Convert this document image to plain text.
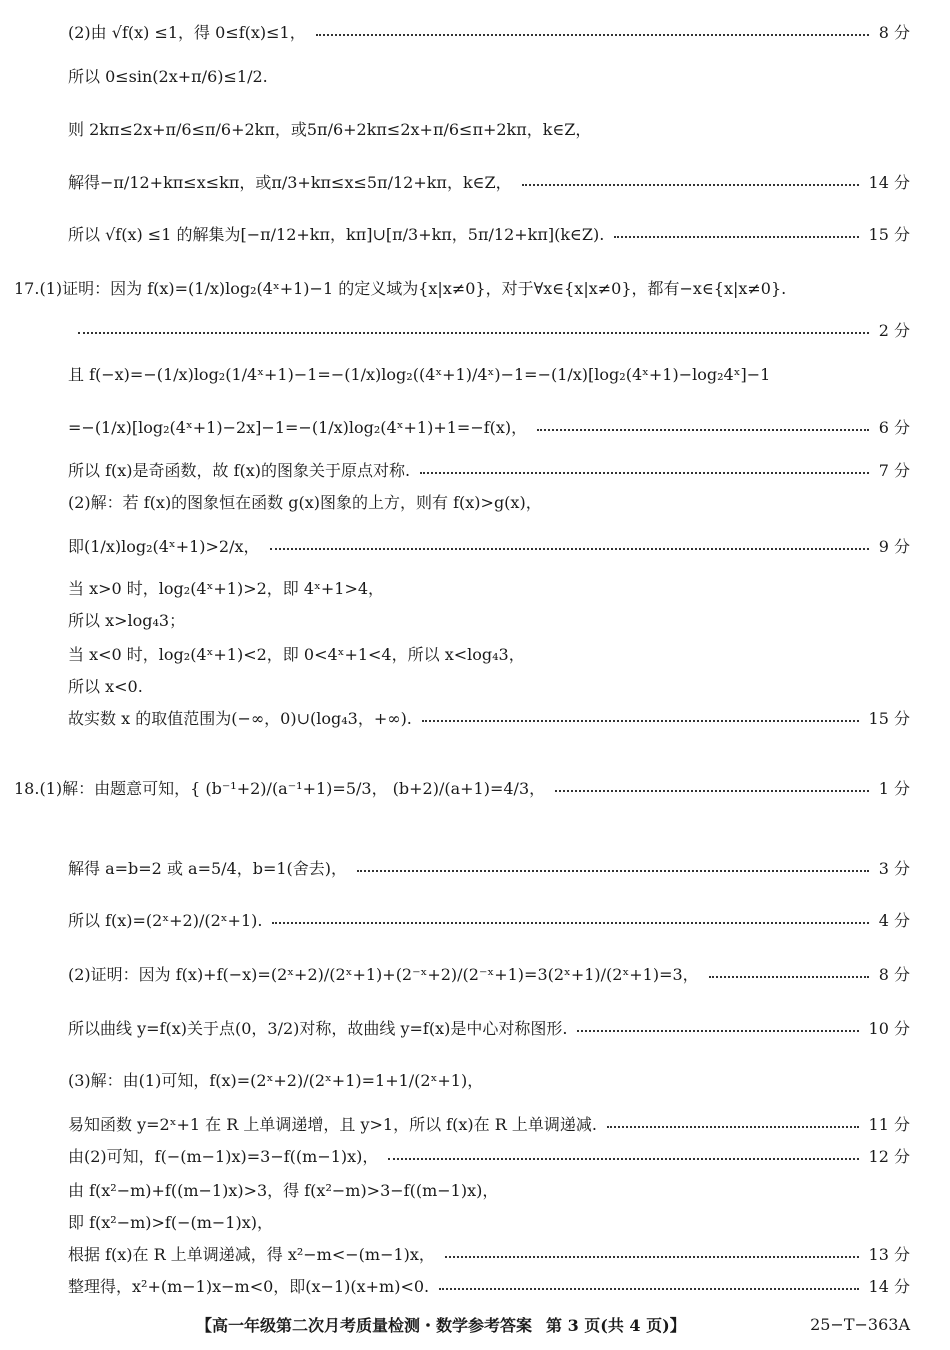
(2)由 √f(x) ≤1，得 0≤f(x)≤1，	8 分
所以 0≤sin(2x+π/6)≤1/2.
则 2kπ≤2x+π/6≤π/6+2kπ，或5π/6+2kπ≤2x+π/6≤π+2kπ，k∈Z，
解得−π/12+kπ≤x≤kπ，或π/3+kπ≤x≤5π/12+kπ，k∈Z，	14 分
所以 √f(x) ≤1 的解集为[−π/12+kπ，kπ]∪[π/3+kπ，5π/12+kπ](k∈Z).	15 分
17.(1)证明：因为 f(x)=(1/x)log₂(4ˣ+1)−1 的定义域为{x|x≠0}，对于∀x∈{x|x≠0}，都有−x∈{x|x≠0}.
2 分
且 f(−x)=−(1/x)log₂(1/4ˣ+1)−1=−(1/x)log₂((4ˣ+1)/4ˣ)−1=−(1/x)[log₂(4ˣ+1)−log₂4ˣ]−1
=−(1/x)[log₂(4ˣ+1)−2x]−1=−(1/x)log₂(4ˣ+1)+1=−f(x)，	6 分
所以 f(x)是奇函数，故 f(x)的图象关于原点对称.	7 分
(2)解：若 f(x)的图象恒在函数 g(x)图象的上方，则有 f(x)>g(x)，
即(1/x)log₂(4ˣ+1)>2/x，	9 分
当 x>0 时，log₂(4ˣ+1)>2，即 4ˣ+1>4，
所以 x>log₄3；
当 x<0 时，log₂(4ˣ+1)<2，即 0<4ˣ+1<4，所以 x<log₄3，
所以 x<0.
故实数 x 的取值范围为(−∞，0)∪(log₄3，+∞).	15 分
18.(1)解：由题意可知，{ (b⁻¹+2)/(a⁻¹+1)=5/3， (b+2)/(a+1)=4/3，	1 分
解得 a=b=2 或 a=5/4，b=1(舍去)，	3 分
所以 f(x)=(2ˣ+2)/(2ˣ+1).	4 分
(2)证明：因为 f(x)+f(−x)=(2ˣ+2)/(2ˣ+1)+(2⁻ˣ+2)/(2⁻ˣ+1)=3(2ˣ+1)/(2ˣ+1)=3，	8 分
所以曲线 y=f(x)关于点(0，3/2)对称，故曲线 y=f(x)是中心对称图形.	10 分
(3)解：由(1)可知，f(x)=(2ˣ+2)/(2ˣ+1)=1+1/(2ˣ+1)，
易知函数 y=2ˣ+1 在 R 上单调递增，且 y>1，所以 f(x)在 R 上单调递减.	11 分
由(2)可知，f(−(m−1)x)=3−f((m−1)x)，	12 分
由 f(x²−m)+f((m−1)x)>3，得 f(x²−m)>3−f((m−1)x)，
即 f(x²−m)>f(−(m−1)x)，
根据 f(x)在 R 上单调递减，得 x²−m<−(m−1)x，	13 分
整理得，x²+(m−1)x−m<0，即(x−1)(x+m)<0.	14 分
【高一年级第二次月考质量检测・数学参考答案 第 3 页(共 4 页)】	25−T−363A
